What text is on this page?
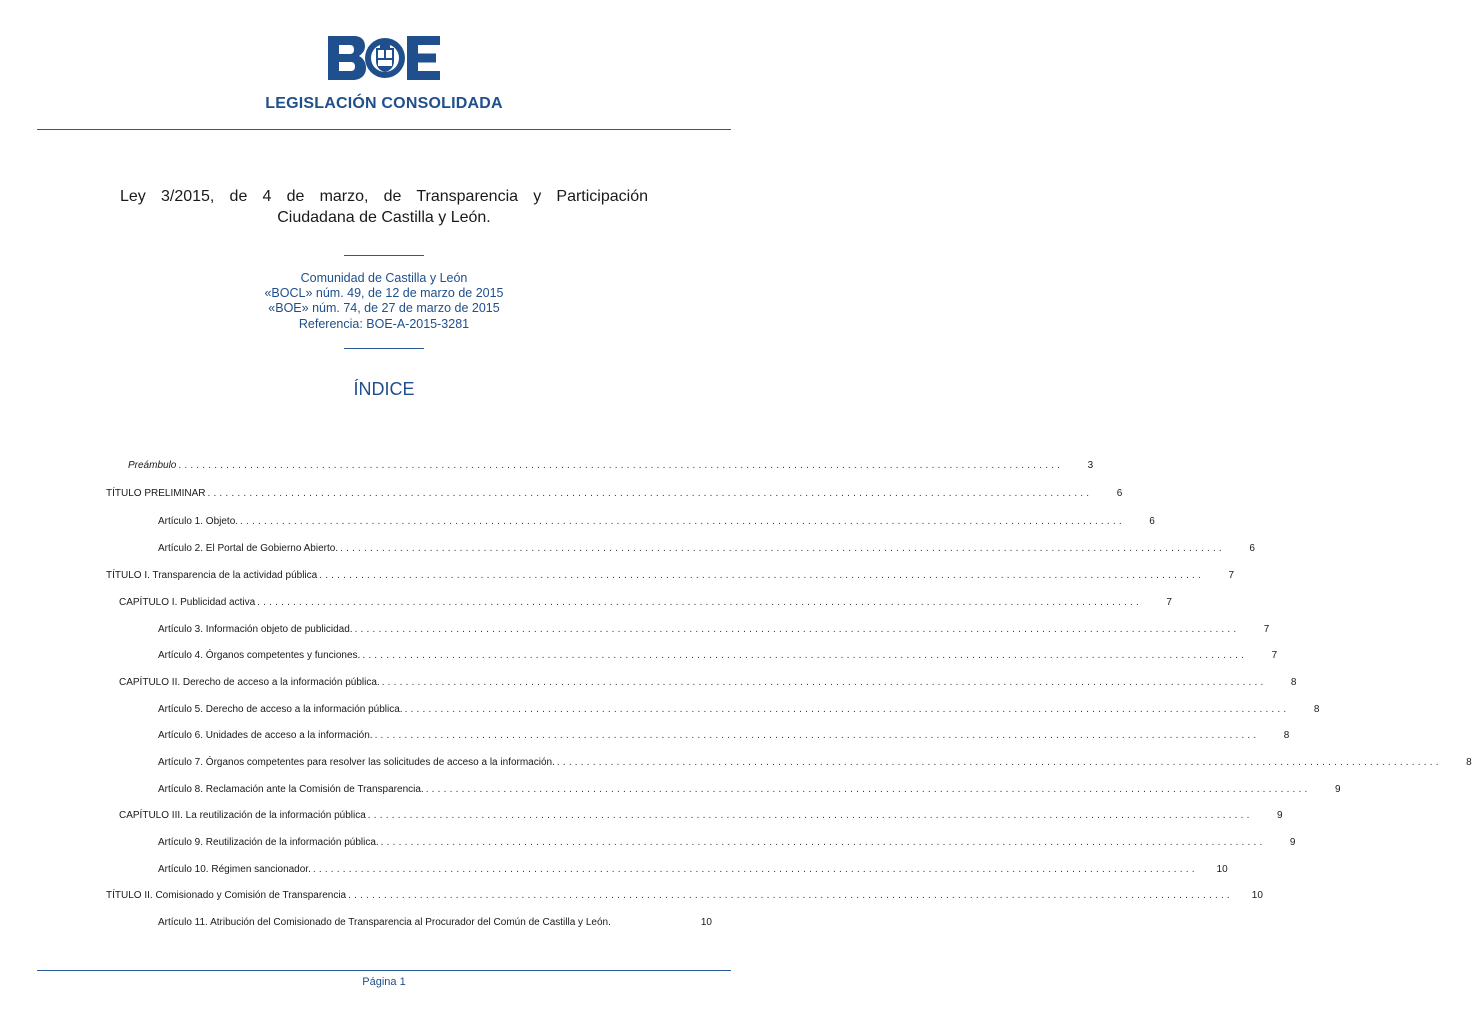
LEGISLACIÓN CONSOLIDADA
Ley 3/2015, de 4 de marzo, de Transparencia y Participación
Ciudadana de Castilla y León.
Comunidad de Castilla y León
«BOCL» núm. 49, de 12 de marzo de 2015
«BOE» núm. 74, de 27 de marzo de 2015
Referencia: BOE-A-2015-3281
ÍNDICE
Preámbulo ....................................................................................................................................................	3
TÍTULO PRELIMINAR ....................................................................................................................................................	6
Artículo 1. Objeto. ....................................................................................................................................................	6
Artículo 2. El Portal de Gobierno Abierto. ....................................................................................................................................................	6
TÍTULO I. Transparencia de la actividad pública ....................................................................................................................................................	7
CAPÍTULO I. Publicidad activa ....................................................................................................................................................	7
Artículo 3. Información objeto de publicidad. ....................................................................................................................................................	7
Artículo 4. Órganos competentes y funciones. ....................................................................................................................................................	7
CAPÍTULO II. Derecho de acceso a la información pública. ....................................................................................................................................................	8
Artículo 5. Derecho de acceso a la información pública. ....................................................................................................................................................	8
Artículo 6. Unidades de acceso a la información. ....................................................................................................................................................	8
Artículo 7. Órganos competentes para resolver las solicitudes de acceso a la información. ....................................................................................................................................................	8
Artículo 8. Reclamación ante la Comisión de Transparencia. ....................................................................................................................................................	9
CAPÍTULO III. La reutilización de la información pública ....................................................................................................................................................	9
Artículo 9. Reutilización de la información pública. ....................................................................................................................................................	9
Artículo 10. Régimen sancionador. ....................................................................................................................................................	10
TÍTULO II. Comisionado y Comisión de Transparencia ....................................................................................................................................................	10
Artículo 11. Atribución del Comisionado de Transparencia al Procurador del Común de Castilla y León.	10
Página 1
